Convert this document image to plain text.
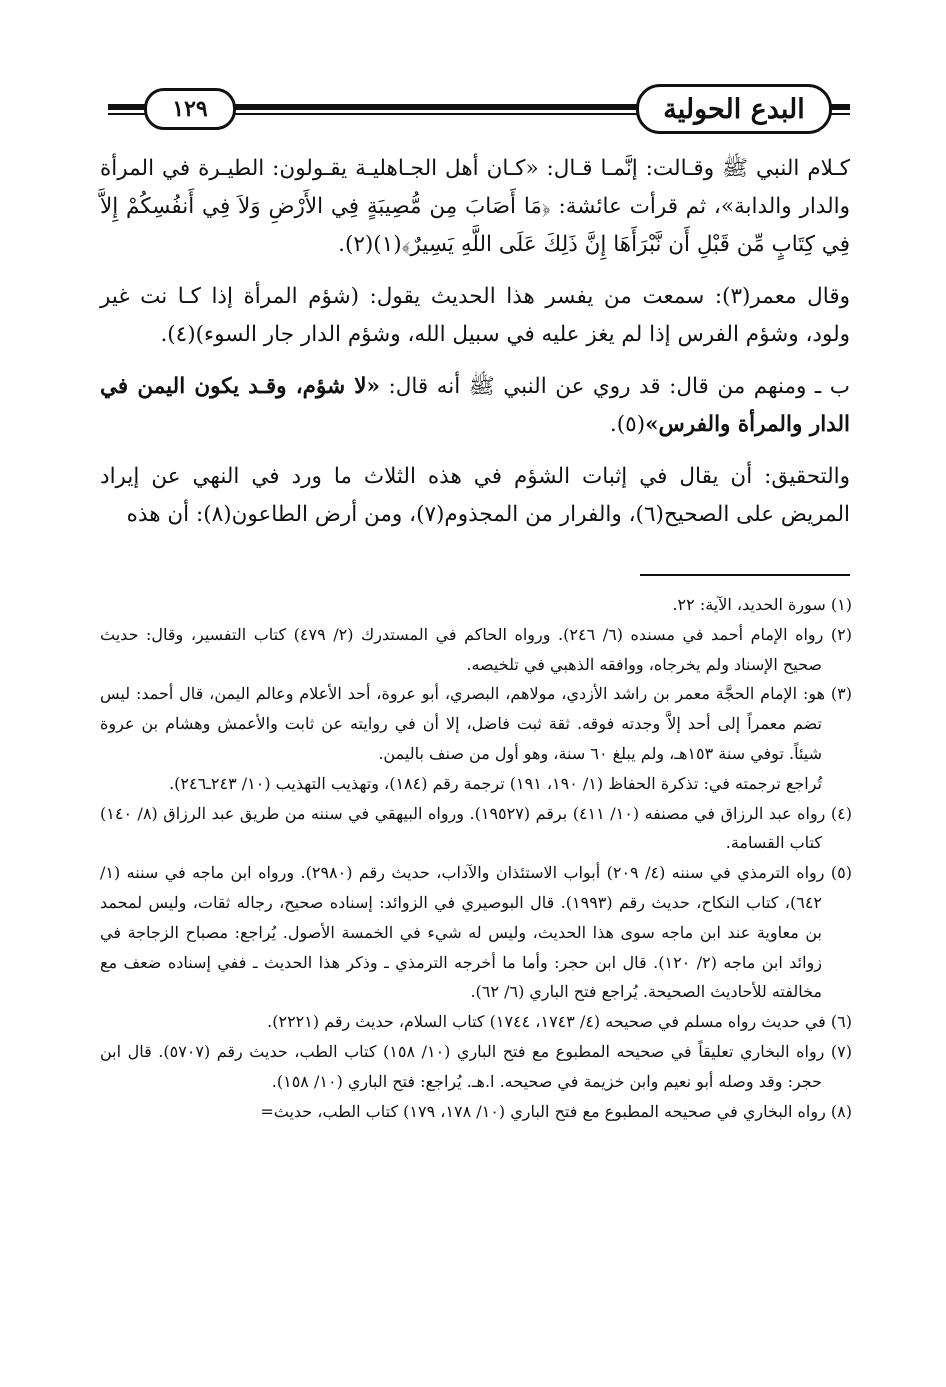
البدع الحولية
١٢٩

كـلام النبي ﷺ وقـالت: إنَّمـا قـال: «كـان أهل الجـاهليـة يقـولون: الطيـرة في المرأة والدار والدابة»، ثم قرأت عائشة: ﴿مَا أَصَابَ مِن مُّصِيبَةٍ فِي الأَرْضِ وَلاَ فِي أَنفُسِكُمْ إِلاَّ فِي كِتَابٍ مِّن قَبْلِ أَن نَّبْرَأَهَا إِنَّ ذَلِكَ عَلَى اللَّهِ يَسِيرٌ﴾(١)(٢).

وقال معمر(٣): سمعت من يفسر هذا الحديث يقول: (شؤم المرأة إذا كـا نت غير ولود، وشؤم الفرس إذا لم يغز عليه في سبيل الله، وشؤم الدار جار السوء)(٤).

ب ـ ومنهم من قال: قد روي عن النبي ﷺ أنه قال: «لا شؤم، وقـد يكون اليمن في الدار والمرأة والفرس»(٥).

والتحقيق: أن يقال في إثبات الشؤم في هذه الثلاث ما ورد في النهي عن إيراد المريض على الصحيح(٦)، والفرار من المجذوم(٧)، ومن أرض الطاعون(٨): أن هذه

(١) سورة الحديد، الآية: ٢٢.

(٢) رواه الإمام أحمد في مسنده (٦/ ٢٤٦). ورواه الحاكم في المستدرك (٢/ ٤٧٩) كتاب التفسير، وقال: حديث صحيح الإسناد ولم يخرجاه، ووافقه الذهبي في تلخيصه.

(٣) هو: الإمام الحجَّة معمر بن راشد الأزدي، مولاهم، البصري، أبو عروة، أحد الأعلام وعالم اليمن، قال أحمد: ليس تضم معمراً إلى أحد إلاَّ وجدته فوقه. ثقة ثبت فاضل، إلا أن في روايته عن ثابت والأعمش وهشام بن عروة شيئاً. توفي سنة ١٥٣هـ، ولم يبلغ ٦٠ سنة، وهو أول من صنف باليمن.

تُراجع ترجمته في: تذكرة الحفاظ (١/ ١٩٠، ١٩١) ترجمة رقم (١٨٤)، وتهذيب التهذيب (١٠/ ٢٤٣ـ٢٤٦).

(٤) رواه عبد الرزاق في مصنفه (١٠/ ٤١١) برقم (١٩٥٢٧). ورواه البيهقي في سننه من طريق عبد الرزاق (٨/ ١٤٠) كتاب القسامة.

(٥) رواه الترمذي في سننه (٤/ ٢٠٩) أبواب الاستئذان والآداب، حديث رقم (٢٩٨٠). ورواه ابن ماجه في سننه (١/ ٦٤٢)، كتاب النكاح، حديث رقم (١٩٩٣). قال البوصيري في الزوائد: إسناده صحيح، رجاله ثقات، وليس لمحمد بن معاوية عند ابن ماجه سوى هذا الحديث، وليس له شيء في الخمسة الأصول. يُراجع: مصباح الزجاجة في زوائد ابن ماجه (٢/ ١٢٠). قال ابن حجر: وأما ما أخرجه الترمذي ـ وذكر هذا الحديث ـ ففي إسناده ضعف مع مخالفته للأحاديث الصحيحة. يُراجع فتح الباري (٦/ ٦٢).

(٦) في حديث رواه مسلم في صحيحه (٤/ ١٧٤٣، ١٧٤٤) كتاب السلام، حديث رقم (٢٢٢١).

(٧) رواه البخاري تعليقاً في صحيحه المطبوع مع فتح الباري (١٠/ ١٥٨) كتاب الطب، حديث رقم (٥٧٠٧). قال ابن حجر: وقد وصله أبو نعيم وابن خزيمة في صحيحه. ا.هـ. يُراجع: فتح الباري (١٠/ ١٥٨).

(٨) رواه البخاري في صحيحه المطبوع مع فتح الباري (١٠/ ١٧٨، ١٧٩) كتاب الطب، حديث=
